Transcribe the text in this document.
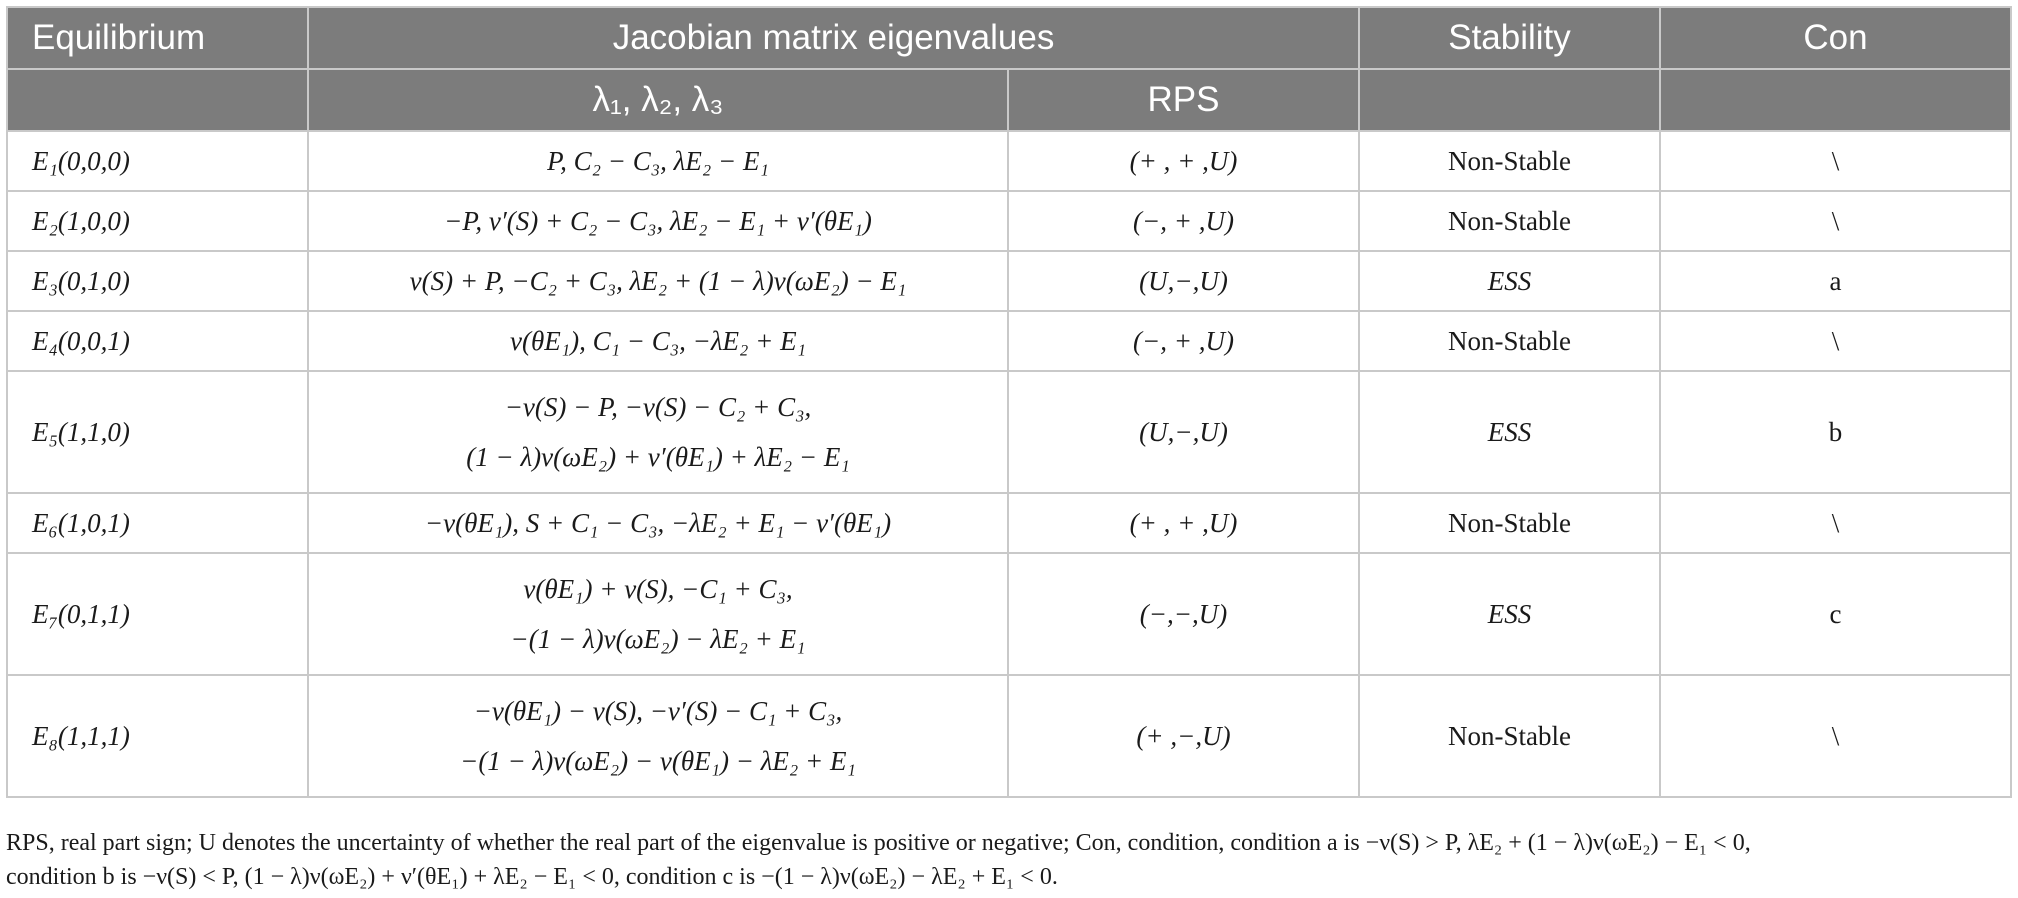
Equilibrium	Jacobian matrix eigenvalues		Stability	Con
	λ₁, λ₂, λ₃	RPS		
E₁(0,0,0)	P, C₂ − C₃, λE₂ − E₁	(+ , + ,U)	Non-Stable	\
E₂(1,0,0)	−P, ν′(S) + C₂ − C₃, λE₂ − E₁ + ν′(θE₁)	(−, + ,U)	Non-Stable	\
E₃(0,1,0)	ν(S) + P, −C₂ + C₃, λE₂ + (1 − λ)ν(ωE₂) − E₁	(U,−,U)	ESS	a
E₄(0,0,1)	ν(θE₁), C₁ − C₃, −λE₂ + E₁	(−, + ,U)	Non-Stable	\
E₅(1,1,0)	−ν(S) − P, −ν(S) − C₂ + C₃,
(1 − λ)ν(ωE₂) + ν′(θE₁) + λE₂ − E₁	(U,−,U)	ESS	b
E₆(1,0,1)	−ν(θE₁), S + C₁ − C₃, −λE₂ + E₁ − ν′(θE₁)	(+ , + ,U)	Non-Stable	\
E₇(0,1,1)	ν(θE₁) + ν(S), −C₁ + C₃,
−(1 − λ)ν(ωE₂) − λE₂ + E₁	(−,−,U)	ESS	c
E₈(1,1,1)	−ν(θE₁) − ν(S), −ν′(S) − C₁ + C₃,
−(1 − λ)ν(ωE₂) − ν(θE₁) − λE₂ + E₁	(+ ,−,U)	Non-Stable	\
RPS, real part sign; U denotes the uncertainty of whether the real part of the eigenvalue is positive or negative; Con, condition, condition a is −ν(S) > P, λE₂ + (1 − λ)ν(ωE₂) − E₁ < 0,
condition b is −ν(S) < P, (1 − λ)ν(ωE₂) + ν′(θE₁) + λE₂ − E₁ < 0, condition c is −(1 − λ)ν(ωE₂) − λE₂ + E₁ < 0.
